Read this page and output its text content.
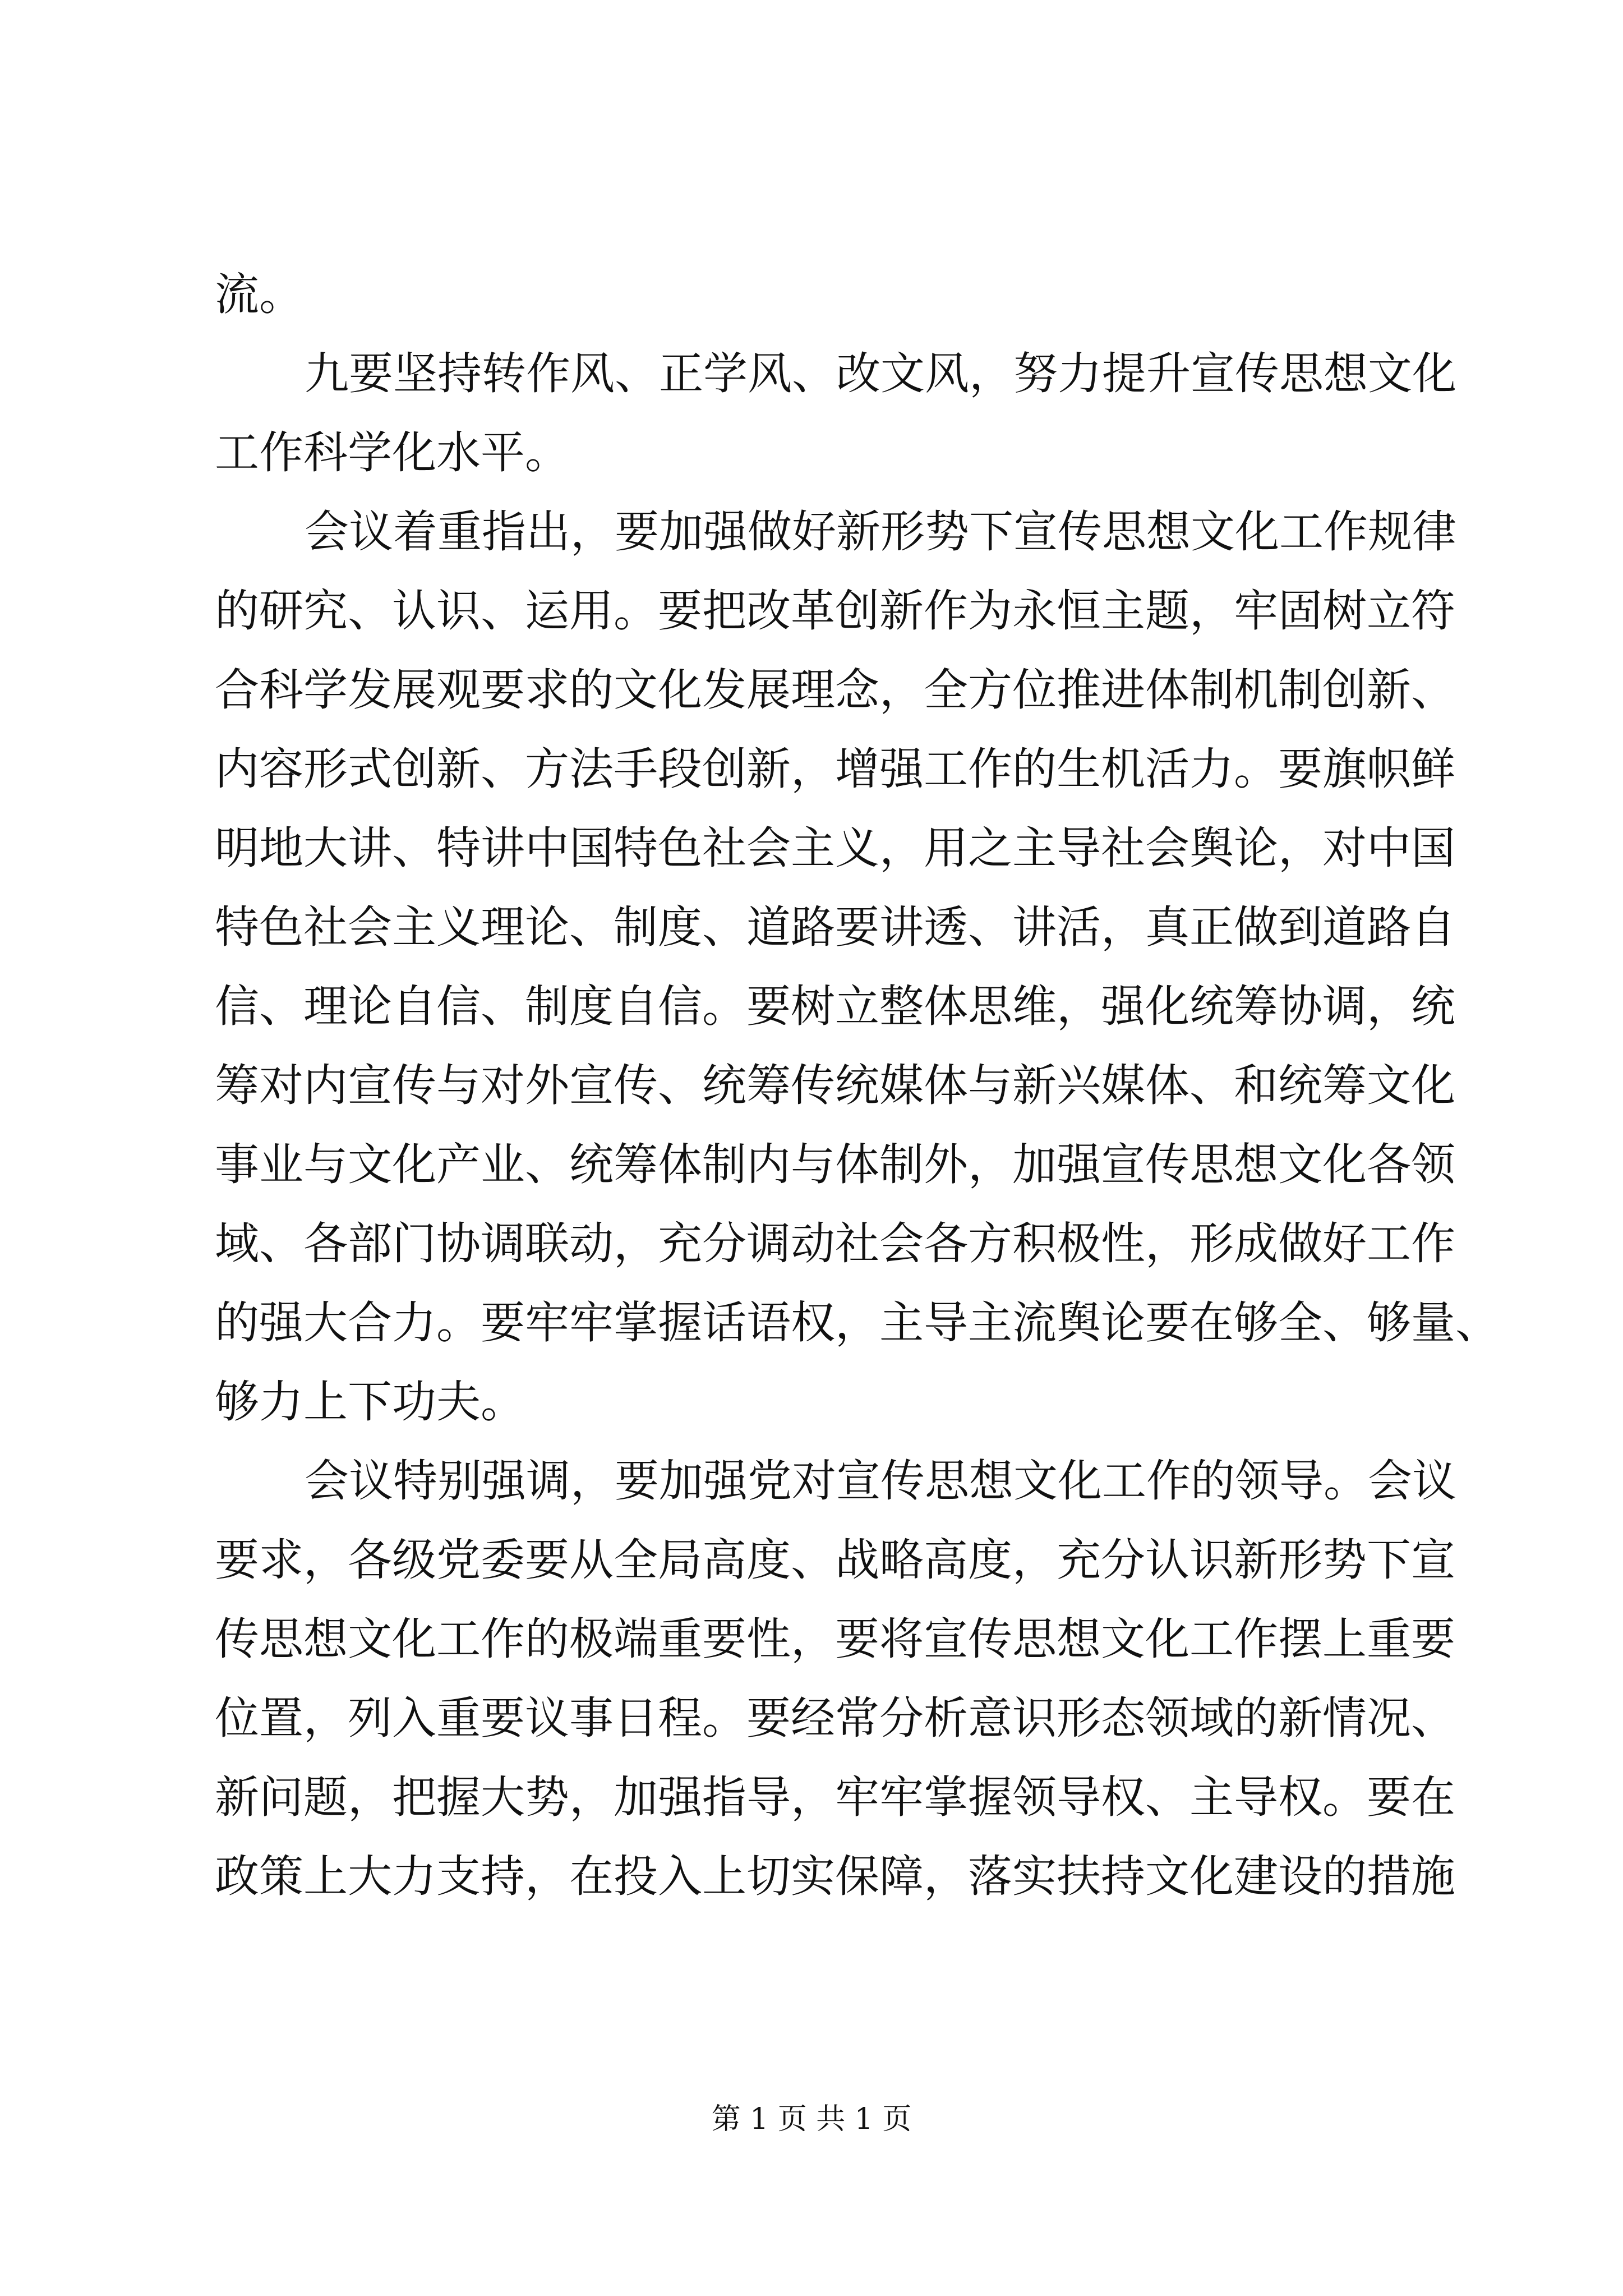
流。
九要坚持转作风、正学风、改文风，努力提升宣传思想文化
工作科学化水平。
会议着重指出，要加强做好新形势下宣传思想文化工作规律
的研究、认识、运用。要把改革创新作为永恒主题，牢固树立符
合科学发展观要求的文化发展理念，全方位推进体制机制创新、
内容形式创新、方法手段创新，增强工作的生机活力。要旗帜鲜
明地大讲、特讲中国特色社会主义，用之主导社会舆论，对中国
特色社会主义理论、制度、道路要讲透、讲活，真正做到道路自
信、理论自信、制度自信。要树立整体思维，强化统筹协调，统
筹对内宣传与对外宣传、统筹传统媒体与新兴媒体、和统筹文化
事业与文化产业、统筹体制内与体制外，加强宣传思想文化各领
域、各部门协调联动，充分调动社会各方积极性，形成做好工作
的强大合力。要牢牢掌握话语权，主导主流舆论要在够全、够量、
够力上下功夫。
会议特别强调，要加强党对宣传思想文化工作的领导。会议
要求，各级党委要从全局高度、战略高度，充分认识新形势下宣
传思想文化工作的极端重要性，要将宣传思想文化工作摆上重要
位置，列入重要议事日程。要经常分析意识形态领域的新情况、
新问题，把握大势，加强指导，牢牢掌握领导权、主导权。要在
政策上大力支持，在投入上切实保障，落实扶持文化建设的措施
第 1 页 共 1 页
